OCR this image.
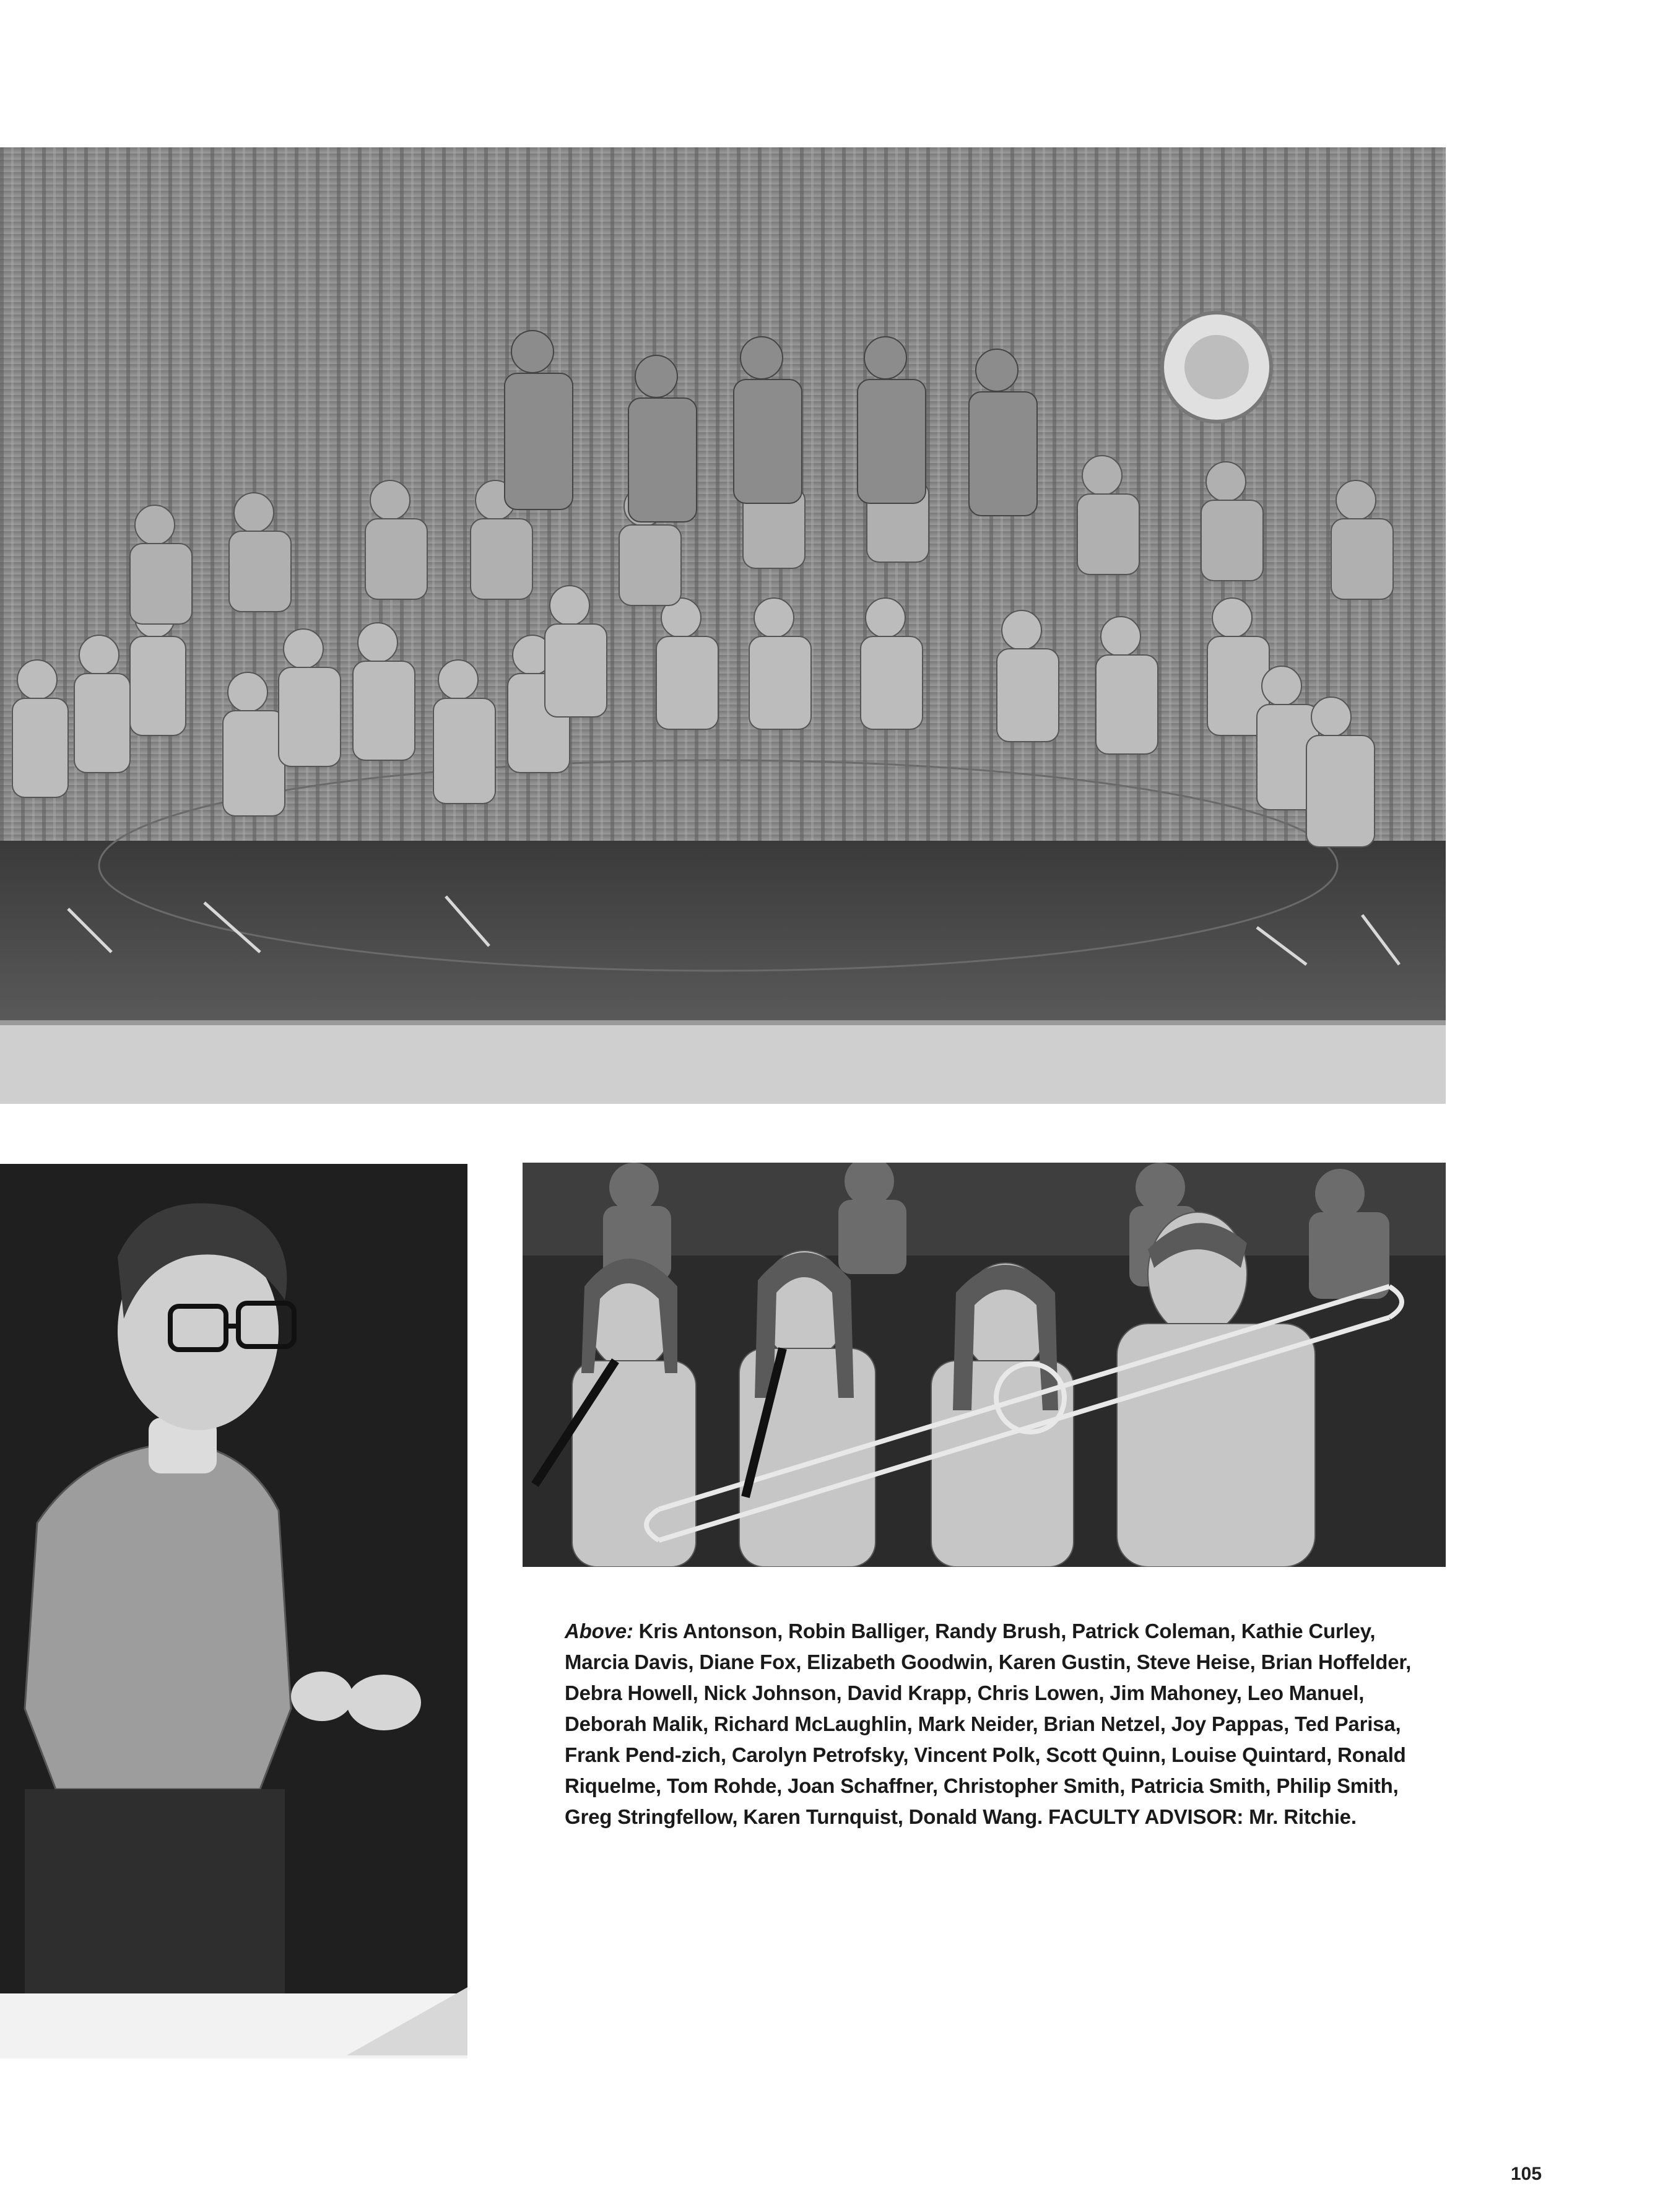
Above: Kris Antonson, Robin Balliger, Randy Brush, Patrick Coleman, Kathie Curley, Marcia Davis, Diane Fox, Elizabeth Goodwin, Karen Gustin, Steve Heise, Brian Hoffelder, Debra Howell, Nick Johnson, David Krapp, Chris Lowen, Jim Mahoney, Leo Manuel, Deborah Malik, Richard McLaughlin, Mark Neider, Brian Netzel, Joy Pappas, Ted Parisa, Frank Pend-zich, Carolyn Petrofsky, Vincent Polk, Scott Quinn, Louise Quintard, Ronald Riquelme, Tom Rohde, Joan Schaffner, Christopher Smith, Patricia Smith, Philip Smith, Greg Stringfellow, Karen Turnquist, Donald Wang. FACULTY ADVISOR: Mr. Ritchie.
105
